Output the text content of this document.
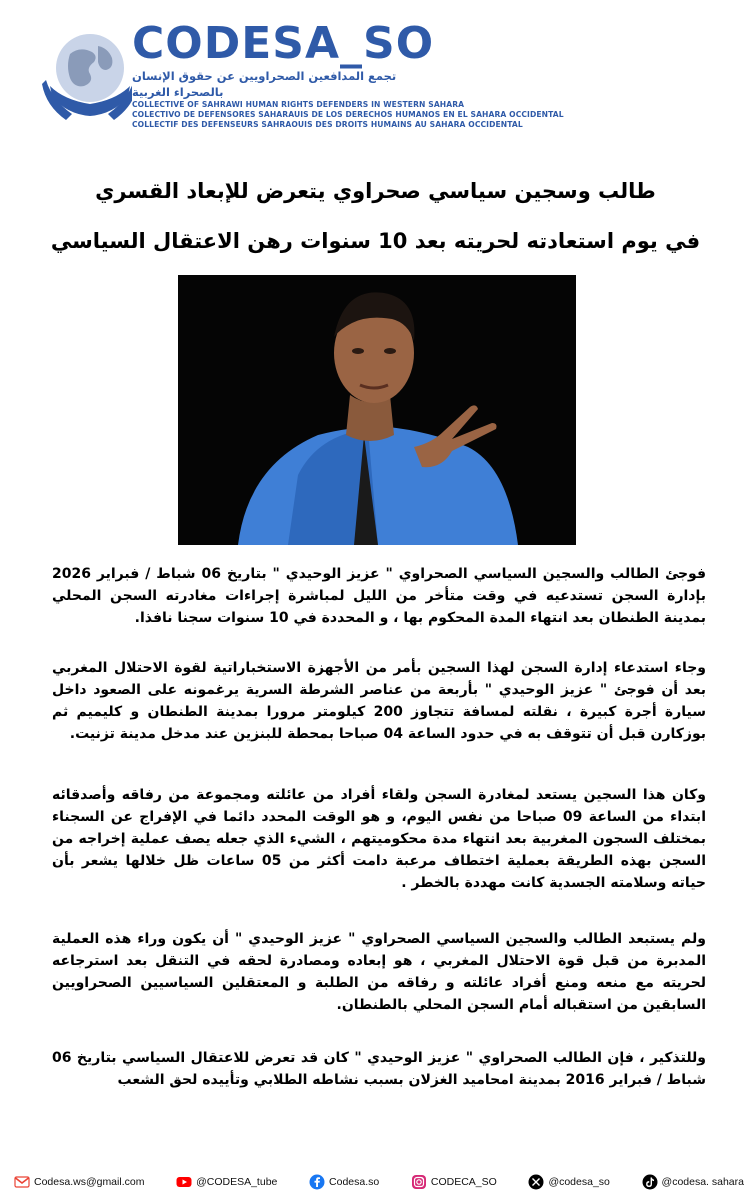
CODESA_SO
تجمع المدافعين الصحراويين عن حقوق الإنسان بالصحراء الغربية
COLLECTIVE OF SAHRAWI HUMAN RIGHTS DEFENDERS IN WESTERN SAHARA
COLECTIVO DE DEFENSORES SAHARAUIS DE LOS DERECHOS HUMANOS EN EL SAHARA OCCIDENTAL
COLLECTIF DES DEFENSEURS SAHRAOUIS DES DROITS HUMAINS AU SAHARA OCCIDENTAL
طالب وسجين سياسي صحراوي يتعرض للإبعاد القسري
في يوم استعادته لحريته بعد 10 سنوات رهن الاعتقال السياسي
فوجئ الطالب والسجين السياسي الصحراوي " عزيز الوحيدي " بتاريخ 06 شباط / فبراير 2026 بإدارة السجن تستدعيه في وقت متأخر من الليل لمباشرة إجراءات مغادرته السجن المحلي بمدينة الطنطان بعد انتهاء المدة المحكوم بها ، و المحددة في 10 سنوات سجنا نافذا.
وجاء استدعاء إدارة السجن لهذا السجين بأمر من الأجهزة الاستخباراتية لقوة الاحتلال المغربي بعد أن فوجئ " عزيز الوحيدي " بأربعة من عناصر الشرطة السرية يرغمونه على الصعود داخل سيارة أجرة كبيرة ، نقلته لمسافة تتجاوز 200 كيلومتر مرورا بمدينة الطنطان و كليميم ثم بوزكارن قبل أن تتوقف به في حدود الساعة 04 صباحا بمحطة للبنزين عند مدخل مدينة تزنيت.
وكان هذا السجين يستعد لمغادرة السجن ولقاء أفراد من عائلته ومجموعة من رفاقه وأصدقائه ابتداء من الساعة 09 صباحا من نفس اليوم، و هو الوقت المحدد دائما في الإفراج عن السجناء بمختلف السجون المغربية بعد انتهاء مدة محكوميتهم ، الشيء الذي جعله يصف عملية إخراجه من السجن بهذه الطريقة بعملية اختطاف مرعبة دامت أكثر من 05 ساعات ظل خلالها يشعر بأن حياته وسلامته الجسدية كانت مهددة بالخطر .
ولم يستبعد الطالب والسجين السياسي الصحراوي " عزيز الوحيدي " أن يكون وراء هذه العملية المدبرة من قبل قوة الاحتلال المغربي ، هو إبعاده ومصادرة لحقه في التنقل بعد استرجاعه لحريته مع منعه ومنع أفراد عائلته و رفاقه من الطلبة و المعتقلين السياسيين الصحراويين السابقين من استقباله أمام السجن المحلي بالطنطان.
وللتذكير ، فإن الطالب الصحراوي " عزيز الوحيدي " كان قد تعرض للاعتقال السياسي بتاريخ 06 شباط / فبراير 2016 بمدينة امحاميد الغزلان بسبب نشاطه الطلابي وتأييده لحق الشعب
Codesa.ws@gmail.com	@CODESA_tube	Codesa.so	CODECA_SO	@codesa_so	@codesa. sahara
